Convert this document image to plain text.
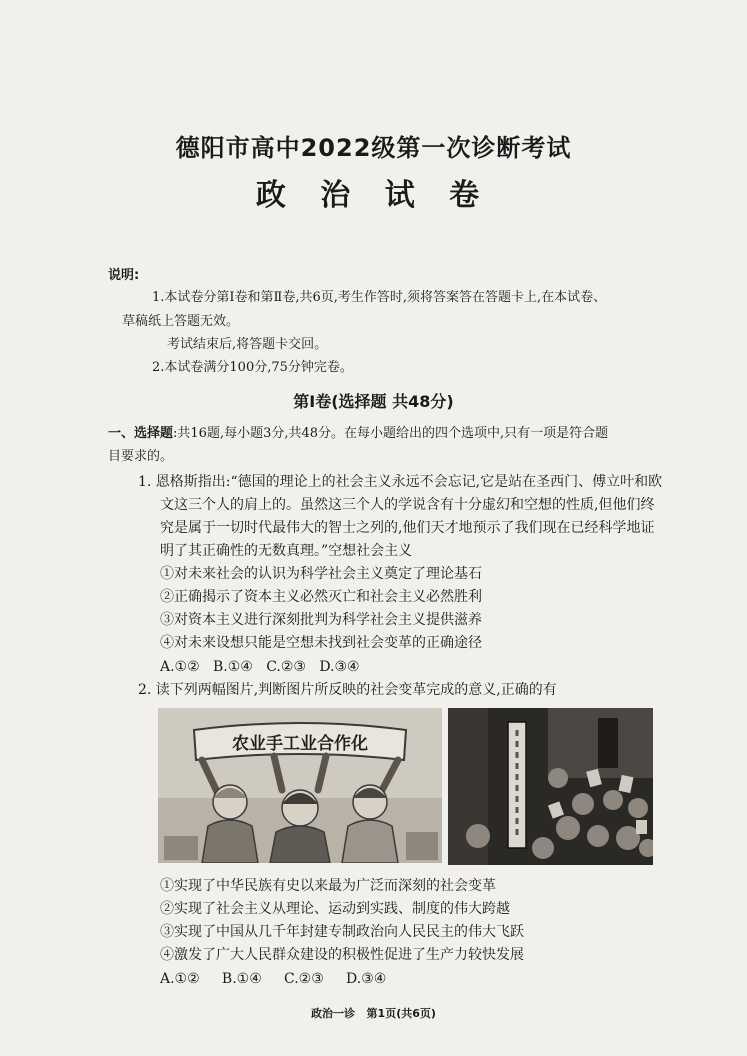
德阳市高中2022级第一次诊断考试
政 治 试 卷
说明:
1.本试卷分第Ⅰ卷和第Ⅱ卷,共6页,考生作答时,须将答案答在答题卡上,在本试卷、
草稿纸上答题无效。
考试结束后,将答题卡交回。
2.本试卷满分100分,75分钟完卷。
第Ⅰ卷(选择题 共48分)
一、选择题:共16题,每小题3分,共48分。在每小题给出的四个选项中,只有一项是符合题
目要求的。
1. 恩格斯指出:“德国的理论上的社会主义永远不会忘记,它是站在圣西门、傅立叶和欧
文这三个人的肩上的。虽然这三个人的学说含有十分虚幻和空想的性质,但他们终
究是属于一切时代最伟大的智士之列的,他们天才地预示了我们现在已经科学地证
明了其正确性的无数真理。”空想社会主义
①对未来社会的认识为科学社会主义奠定了理论基石
②正确揭示了资本主义必然灭亡和社会主义必然胜利
③对资本主义进行深刻批判为科学社会主义提供滋养
④对未来设想只能是空想未找到社会变革的正确途径
A.①②   B.①④   C.②③   D.③④
2. 读下列两幅图片,判断图片所反映的社会变革完成的意义,正确的有
农业手工业合作化
①实现了中华民族有史以来最为广泛而深刻的社会变革
②实现了社会主义从理论、运动到实践、制度的伟大跨越
③实现了中国从几千年封建专制政治向人民民主的伟大飞跃
④激发了广大人民群众建设的积极性促进了生产力较快发展
A.①②     B.①④     C.②③     D.③④
政治一诊   第1页(共6页)
